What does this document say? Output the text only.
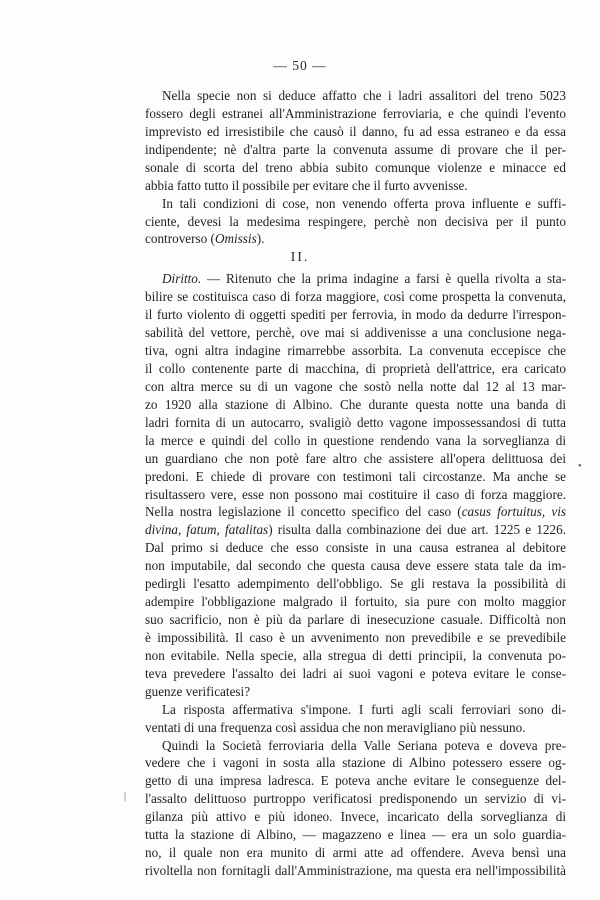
— 50 —
Nella specie non si deduce affatto che i ladri assalitori del treno 5023
fossero degli estranei all'Amministrazione ferroviaria, e che quindi l'evento
imprevisto ed irresistibile che causò il danno, fu ad essa estraneo e da essa
indipendente; nè d'altra parte la convenuta assume di provare che il per-
sonale di scorta del treno abbia subito comunque violenze e minacce ed
abbia fatto tutto il possibile per evitare che il furto avvenisse.
In tali condizioni di cose, non venendo offerta prova influente e suffi-
ciente, devesi la medesima respingere, perchè non decisiva per il punto
controverso (Omissis).
II.
Diritto. — Ritenuto che la prima indagine a farsi è quella rivolta a sta-
bilire se costituisca caso di forza maggiore, così come prospetta la convenuta,
il furto violento di oggetti spediti per ferrovia, in modo da dedurre l'irrespon-
sabilità del vettore, perchè, ove mai si addivenisse a una conclusione nega-
tiva, ogni altra indagine rimarrebbe assorbita. La convenuta eccepisce che
il collo contenente parte di macchina, di proprietà dell'attrice, era caricato
con altra merce su di un vagone che sostò nella notte dal 12 al 13 mar-
zo 1920 alla stazione di Albino. Che durante questa notte una banda di
ladri fornita di un autocarro, svaligiò detto vagone impossessandosi di tutta
la merce e quindi del collo in questione rendendo vana la sorveglianza di
un guardiano che non potè fare altro che assistere all'opera delittuosa dei
predoni. E chiede di provare con testimoni tali circostanze. Ma anche se
risultassero vere, esse non possono mai costituire il caso di forza maggiore.
Nella nostra legislazione il concetto specifico del caso (casus fortuitus, vis
divina, fatum, fatalitas) risulta dalla combinazione dei due art. 1225 e 1226.
Dal primo si deduce che esso consiste in una causa estranea al debitore
non imputabile, dal secondo che questa causa deve essere stata tale da im-
pedirgli l'esatto adempimento dell'obbligo. Se gli restava la possibilità di
adempire l'obbligazione malgrado il fortuito, sia pure con molto maggior
suo sacrificio, non è più da parlare di inesecuzione casuale. Difficoltà non
è impossibilità. Il caso è un avvenimento non prevedibile e se prevedibile
non evitabile. Nella specie, alla stregua di detti principii, la convenuta po-
teva prevedere l'assalto dei ladri ai suoi vagoni e poteva evitare le conse-
guenze verificatesi?
La risposta affermativa s'impone. I furti agli scali ferroviari sono di-
ventati di una frequenza così assidua che non meravigliano più nessuno.
Quindi la Società ferroviaria della Valle Seriana poteva e doveva pre-
vedere che i vagoni in sosta alla stazione di Albino potessero essere og-
getto di una impresa ladresca. E poteva anche evitare le conseguenze del-
l'assalto delittuoso purtroppo verificatosi predisponendo un servizio di vi-
gilanza più attivo e più idoneo. Invece, incaricato della sorveglianza di
tutta la stazione di Albino, — magazzeno e linea — era un solo guardia-
no, il quale non era munito di armi atte ad offendere. Aveva bensì una
rivoltella non fornitagli dall'Amministrazione, ma questa era nell'impossibilità
•
|
